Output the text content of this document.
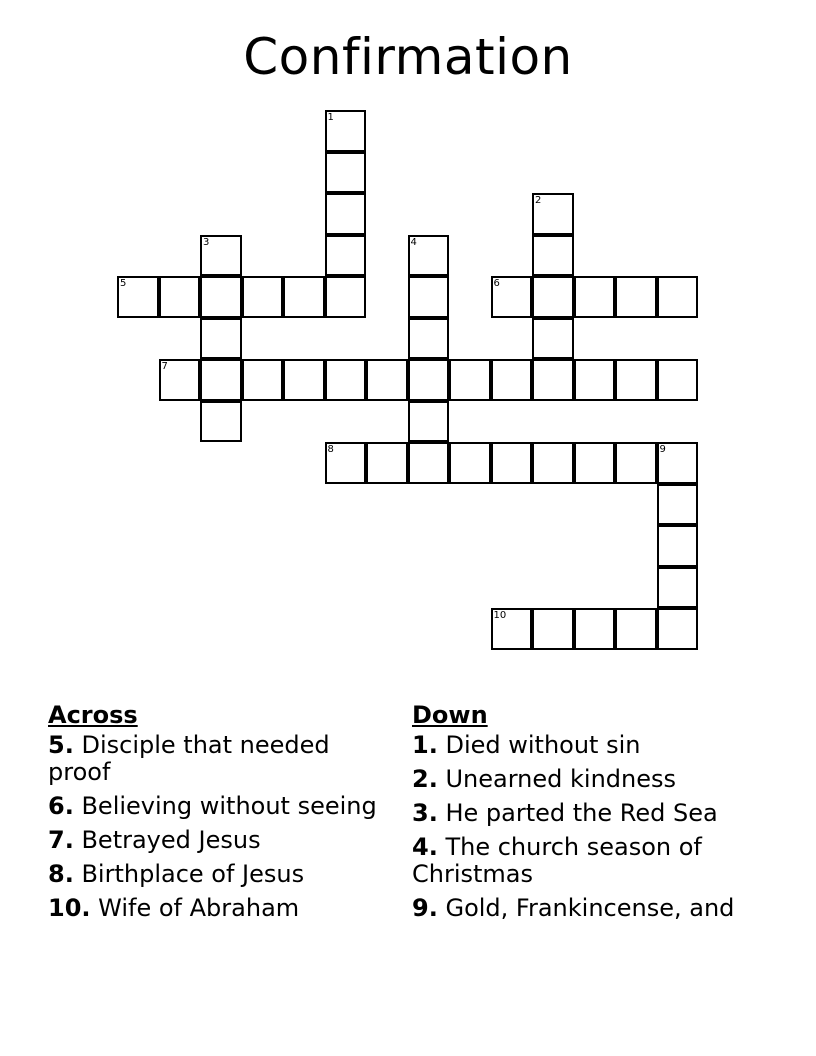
Confirmation
1
2
3	4
5	6
7
8	9
10
Across
5. Disciple that needed proof
6. Believing without seeing
7. Betrayed Jesus
8. Birthplace of Jesus
10. Wife of Abraham
Down
1. Died without sin
2. Unearned kindness
3. He parted the Red Sea
4. The church season of Christmas
9. Gold, Frankincense, and
